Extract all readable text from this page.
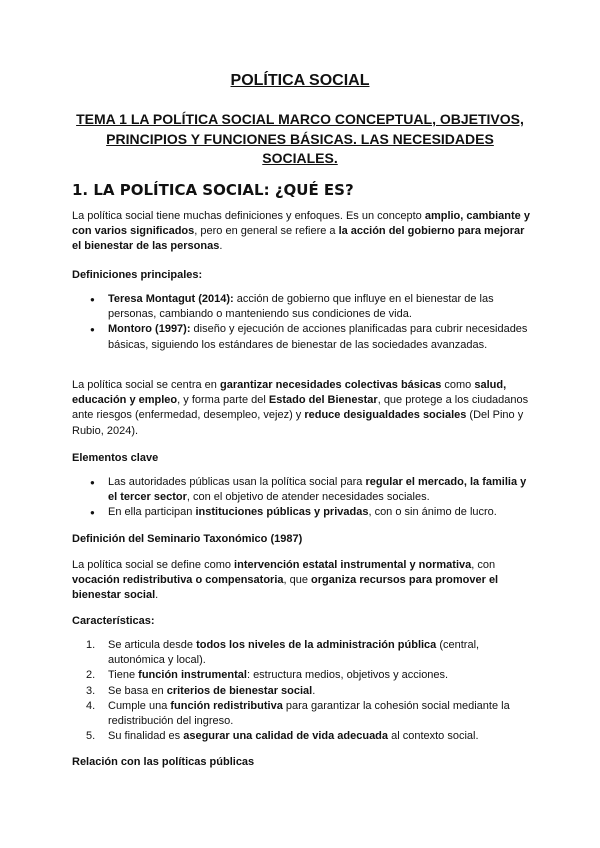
POLÍTICA SOCIAL
TEMA 1 LA POLÍTICA SOCIAL MARCO CONCEPTUAL, OBJETIVOS, PRINCIPIOS Y FUNCIONES BÁSICAS. LAS NECESIDADES SOCIALES.
1. LA POLÍTICA SOCIAL: ¿QUÉ ES?

La política social tiene muchas definiciones y enfoques. Es un concepto amplio, cambiante y con varios significados, pero en general se refiere a la acción del gobierno para mejorar el bienestar de las personas.

Definiciones principales:

● Teresa Montagut (2014): acción de gobierno que influye en el bienestar de las personas, cambiando o manteniendo sus condiciones de vida.
● Montoro (1997): diseño y ejecución de acciones planificadas para cubrir necesidades básicas, siguiendo los estándares de bienestar de las sociedades avanzadas.

La política social se centra en garantizar necesidades colectivas básicas como salud, educación y empleo, y forma parte del Estado del Bienestar, que protege a los ciudadanos ante riesgos (enfermedad, desempleo, vejez) y reduce desigualdades sociales (Del Pino y Rubio, 2024).

Elementos clave

● Las autoridades públicas usan la política social para regular el mercado, la familia y el tercer sector, con el objetivo de atender necesidades sociales.
● En ella participan instituciones públicas y privadas, con o sin ánimo de lucro.

Definición del Seminario Taxonómico (1987)

La política social se define como intervención estatal instrumental y normativa, con vocación redistributiva o compensatoria, que organiza recursos para promover el bienestar social.

Características:

1. Se articula desde todos los niveles de la administración pública (central, autonómica y local).
2. Tiene función instrumental: estructura medios, objetivos y acciones.
3. Se basa en criterios de bienestar social.
4. Cumple una función redistributiva para garantizar la cohesión social mediante la redistribución del ingreso.
5. Su finalidad es asegurar una calidad de vida adecuada al contexto social.

Relación con las políticas públicas
